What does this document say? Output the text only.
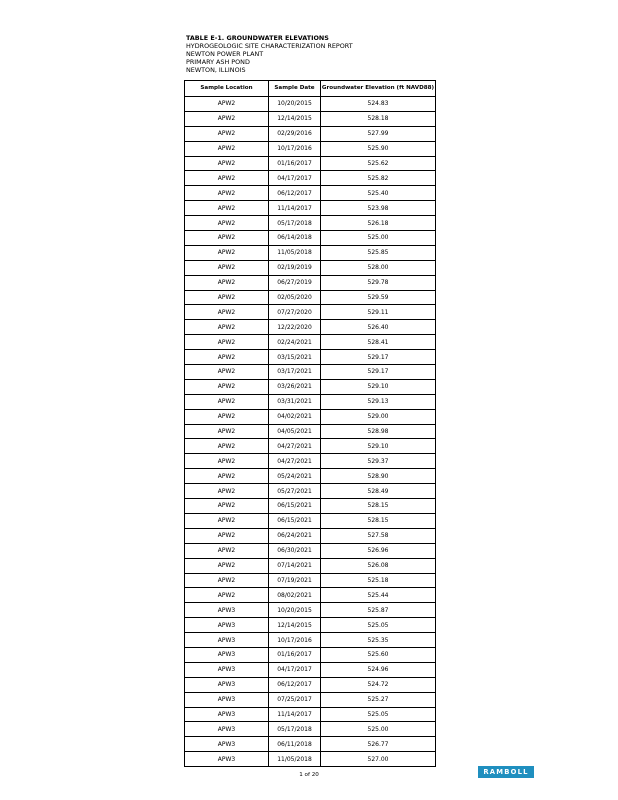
TABLE E-1. GROUNDWATER ELEVATIONS
HYDROGEOLOGIC SITE CHARACTERIZATION REPORT
NEWTON POWER PLANT
PRIMARY ASH POND
NEWTON, ILLINOIS
Sample Location	Sample Date	Groundwater Elevation (ft NAVD88)
APW2	10/20/2015	524.83
APW2	12/14/2015	528.18
APW2	02/29/2016	527.99
APW2	10/17/2016	525.90
APW2	01/16/2017	525.62
APW2	04/17/2017	525.82
APW2	06/12/2017	525.40
APW2	11/14/2017	523.98
APW2	05/17/2018	526.18
APW2	06/14/2018	525.00
APW2	11/05/2018	525.85
APW2	02/19/2019	528.00
APW2	06/27/2019	529.78
APW2	02/05/2020	529.59
APW2	07/27/2020	529.11
APW2	12/22/2020	526.40
APW2	02/24/2021	528.41
APW2	03/15/2021	529.17
APW2	03/17/2021	529.17
APW2	03/26/2021	529.10
APW2	03/31/2021	529.13
APW2	04/02/2021	529.00
APW2	04/05/2021	528.98
APW2	04/27/2021	529.10
APW2	04/27/2021	529.37
APW2	05/24/2021	528.90
APW2	05/27/2021	528.49
APW2	06/15/2021	528.15
APW2	06/15/2021	528.15
APW2	06/24/2021	527.58
APW2	06/30/2021	526.96
APW2	07/14/2021	526.08
APW2	07/19/2021	525.18
APW2	08/02/2021	525.44
APW3	10/20/2015	525.87
APW3	12/14/2015	525.05
APW3	10/17/2016	525.35
APW3	01/16/2017	525.60
APW3	04/17/2017	524.96
APW3	06/12/2017	524.72
APW3	07/25/2017	525.27
APW3	11/14/2017	525.05
APW3	05/17/2018	525.00
APW3	06/11/2018	526.77
APW3	11/05/2018	527.00
1 of 20	RAMBOLL
